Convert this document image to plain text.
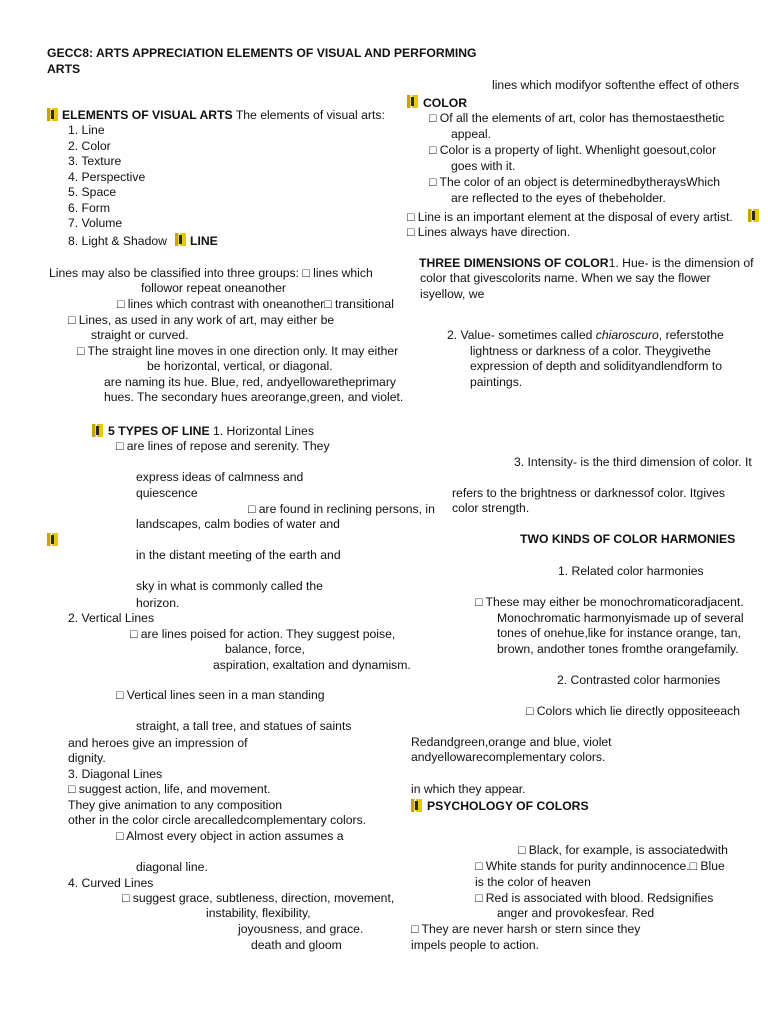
GECC8: ARTS APPRECIATION ELEMENTS OF VISUAL AND PERFORMING
ARTS
ELEMENTS OF VISUAL ARTS The elements of visual arts:
1. Line
2. Color
3. Texture
4. Perspective
5. Space
6. Form
7. Volume
8. Light & Shadow LINE
Lines may also be classified into three groups: □ lines which
followor repeat oneanother
□ lines which contrast with oneanother□ transitional
□ Lines, as used in any work of art, may either be
straight or curved.
□ The straight line moves in one direction only. It may either
be horizontal, vertical, or diagonal.
are naming its hue. Blue, red, andyellowaretheprimary
hues. The secondary hues areorange,green, and violet.
5 TYPES OF LINE 1. Horizontal Lines
□ are lines of repose and serenity. They
express ideas of calmness and
quiescence
□ are found in reclining persons, in
landscapes, calm bodies of water and
in the distant meeting of the earth and
sky in what is commonly called the
horizon.
2. Vertical Lines
□ are lines poised for action. They suggest poise,
balance, force,
aspiration, exaltation and dynamism.
□ Vertical lines seen in a man standing
straight, a tall tree, and statues of saints
and heroes give an impression of
dignity.
3. Diagonal Lines
□ suggest action, life, and movement.
They give animation to any composition
other in the color circle arecalledcomplementary colors.
□ Almost every object in action assumes a
diagonal line.
4. Curved Lines
□ suggest grace, subtleness, direction, movement,
instability, flexibility,
joyousness, and grace.
death and gloom
lines which modifyor softenthe effect of others
COLOR
□ Of all the elements of art, color has themostaesthetic
appeal.
□ Color is a property of light. Whenlight goesout,color
goes with it.
□ The color of an object is determinedbytheraysWhich
are reflected to the eyes of thebeholder.
□ Line is an important element at the disposal of every artist.
□ Lines always have direction.
THREE DIMENSIONS OF COLOR1. Hue- is the dimension of
color that givescolorits name. When we say the flower
isyellow, we
2. Value- sometimes called chiaroscuro, referstothe
lightness or darkness of a color. Theygivethe
expression of depth and solidityandlendform to
paintings.
3. Intensity- is the third dimension of color. It
refers to the brightness or darknessof color. Itgives
color strength.
TWO KINDS OF COLOR HARMONIES
1. Related color harmonies
□ These may either be monochromaticoradjacent.
Monochromatic harmonyismade up of several
tones of onehue,like for instance orange, tan,
brown, andother tones fromthe orangefamily.
2. Contrasted color harmonies
□ Colors which lie directly oppositeeach
Redandgreen,orange and blue, violet
andyellowarecomplementary colors.
in which they appear.
PSYCHOLOGY OF COLORS
□ Black, for example, is associatedwith
□ White stands for purity andinnocence.□ Blue
is the color of heaven
□ Red is associated with blood. Redsignifies
anger and provokesfear. Red
□ They are never harsh or stern since they
impels people to action.
